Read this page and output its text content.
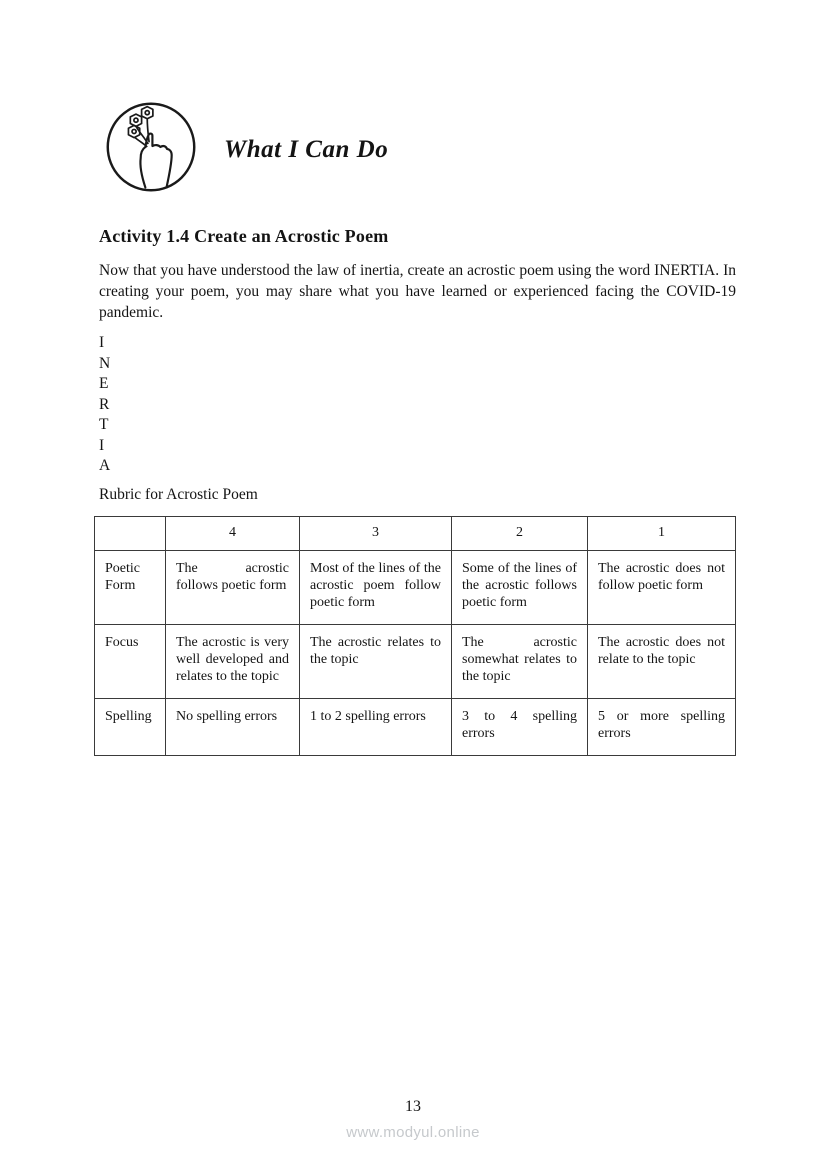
What I Can Do
Activity 1.4 Create an Acrostic Poem

Now that you have understood the law of inertia, create an acrostic poem using the word INERTIA. In creating your poem, you may share what you have learned or experienced facing the COVID-19 pandemic.

I
N
E
R
T
I
A

Rubric for Acrostic Poem

	4	3	2	1
Poetic Form	The acrostic follows poetic form	Most of the lines of the acrostic poem follow poetic form	Some of the lines of the acrostic follows poetic form	The acrostic does not follow poetic form
Focus	The acrostic is very well developed and relates to the topic	The acrostic relates to the topic	The acrostic somewhat relates to the topic	The acrostic does not relate to the topic
Spelling	No spelling errors	1 to 2 spelling errors	3 to 4 spelling errors	5 or more spelling errors
13
www.modyul.online
